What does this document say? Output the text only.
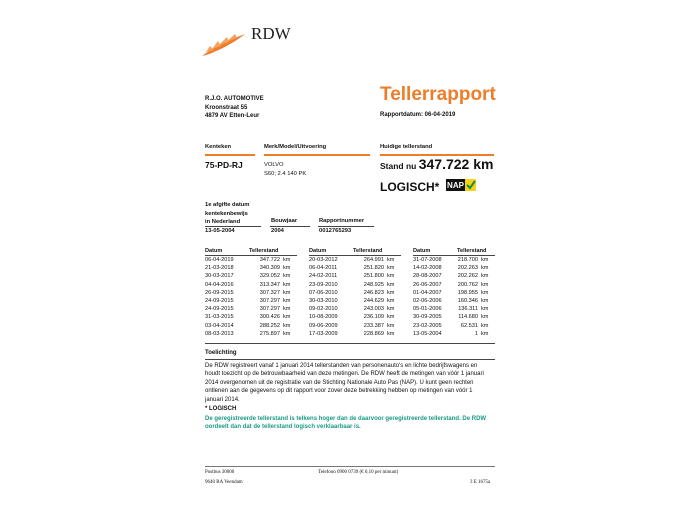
RDW
R.J.O. AUTOMOTIVE
Kroonstraat 55
4879 AV Etten-Leur
Tellerrapport
Rapportdatum: 06-04-2019
Kenteken	Merk/Model/Uitvoering	Huidige tellerstand
75-PD-RJ	VOLVO
S60; 2.4 140 PK
Stand nu 347.722 km
LOGISCH* NAP
1e afgifte datum
kentekenbewijs
in Nederland	Bouwjaar	Rapportnummer
13-05-2004	2004	0012765293
Datum	Tellerstand	
06-04-2019	347.722	km
21-03-2018	340.309	km
30-03-2017	329.052	km
04-04-2016	313.347	km
26-09-2015	307.327	km
24-09-2015	307.297	km
24-09-2015	307.297	km
31-03-2015	300.426	km
03-04-2014	288.252	km
08-03-2013	275.897	km
Datum	Tellerstand	
20-03-2012	264.991	km
06-04-2011	251.820	km
24-02-2011	251.800	km
23-09-2010	248.925	km
07-06-2010	246.823	km
30-03-2010	244.629	km
09-02-2010	243.003	km
10-08-2009	236.109	km
09-06-2009	233.387	km
17-03-2009	228.869	km
Datum	Tellerstand	
31-07-2008	218.700	km
14-02-2008	202.263	km
28-08-2007	202.262	km
26-06-2007	200.762	km
01-04-2007	198.955	km
02-06-2006	160.346	km
05-01-2006	136.311	km
30-09-2005	114.680	km
23-02-2005	62.531	km
13-05-2004	1	km
Toelichting
De RDW registreert vanaf 1 januari 2014 tellerstanden van personenauto's en lichte bedrijfswagens en houdt toezicht op de betrouwbaarheid van deze metingen. De RDW heeft de metingen van vóór 1 januari 2014 overgenomen uit de registratie van de Stichting Nationale Auto Pas (NAP). U kunt geen rechten ontlenen aan de gegevens op dit rapport voor zover deze betrekking hebben op metingen van vóór 1 januari 2014.
* LOGISCH
De geregistreerde tellerstand is telkens hoger dan de daarvoor geregistreerde tellerstand. De RDW oordeelt dan dat de tellerstand logisch verklaarbaar is.
Postbus 30000
9640 RA Veendam
Telefoon 0900 0739 (€ 0,10 per minuut)
3 E 1675a
